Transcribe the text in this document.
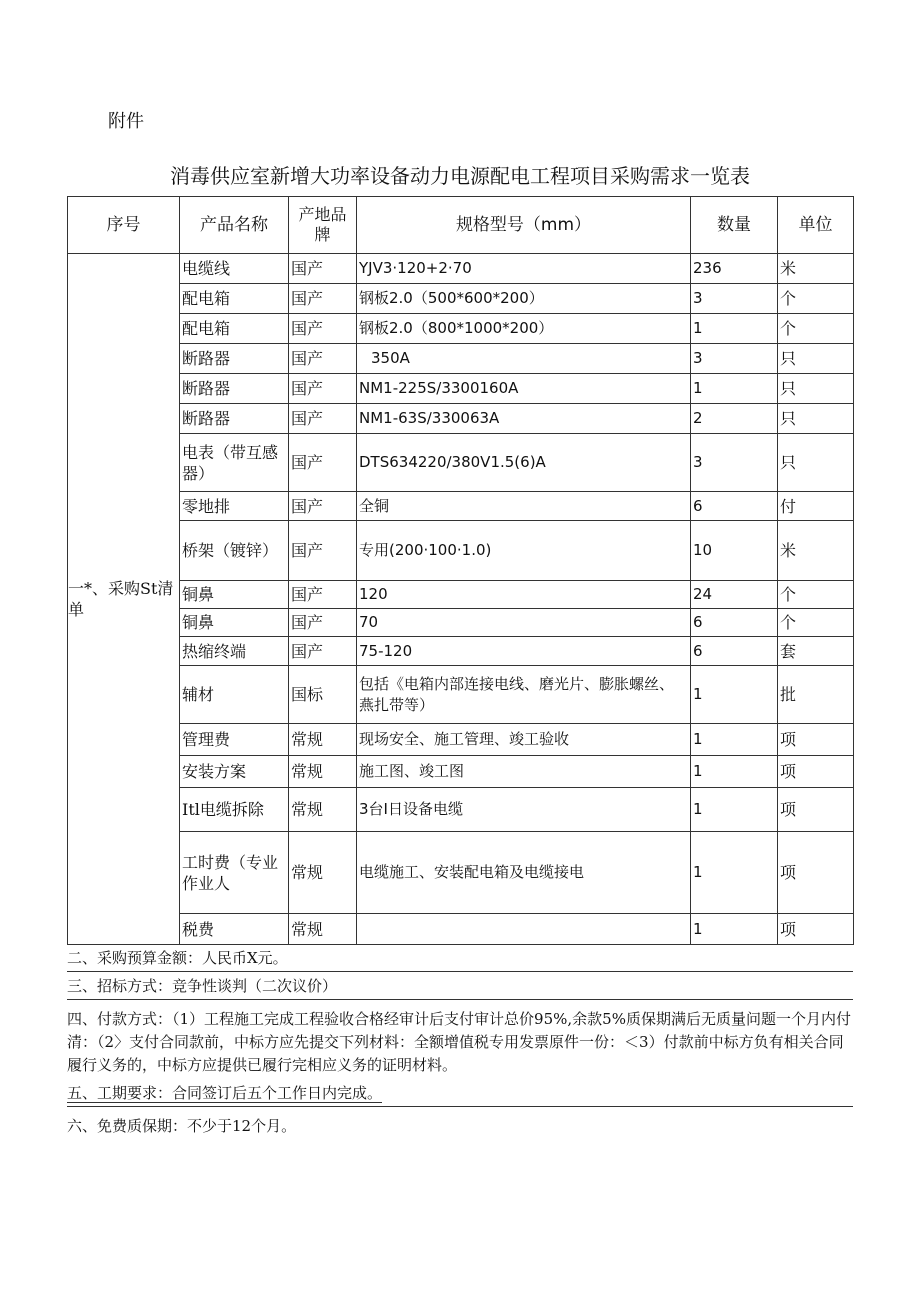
附件
消毒供应室新增大功率设备动力电源配电工程项目采购需求一览表
序号	产品名称	产地品牌	规格型号（mm）	数量	单位
一*、采购St清单	电缆线	国产	YJV3·120+2·70	236	米
	配电箱	国产	钢板2.0（500*600*200）	3	个
	配电箱	国产	钢板2.0（800*1000*200）	1	个
	断路器	国产	350A	3	只
	断路器	国产	NM1-225S/3300160A	1	只
	断路器	国产	NM1-63S∕330063A	2	只
	电表（带互感器）	国产	DTS634220∕380V1.5(6)A	3	只
	零地排	国产	全铜	6	付
	桥架（镀锌）	国产	专用(200·100·1.0)	10	米
	铜鼻	国产	120	24	个
	铜鼻	国产	70	6	个
	热缩终端	国产	75-120	6	套
	辅材	国标	包括《电箱内部连接电线、磨光片、膨胀螺丝、燕扎带等）	1	批
	管理费	常规	现场安全、施工管理、竣工验收	1	项
	安装方案	常规	施工图、竣工图	1	项
	Itl电缆拆除	常规	3台I日设备电缆	1	项
	工时费（专业作业人	常规	电缆施工、安装配电箱及电缆接电	1	项
	税费	常规		1	项
二、采购预算金额：人民币X元。
三、招标方式：竞争性谈判（二次议价）
四、付款方式：（1）工程施工完成工程验收合格经审计后支付审计总价95%,余款5%质保期满后无质量问题一个月内付清：（2〉支付合同款前，中标方应先提交下列材料：全额增值税专用发票原件一份：＜3）付款前中标方负有相关合同履行义务的，中标方应提供已履行完相应义务的证明材料。
五、工期要求：合同签订后五个工作日内完成。
六、免费质保期：不少于12个月。
